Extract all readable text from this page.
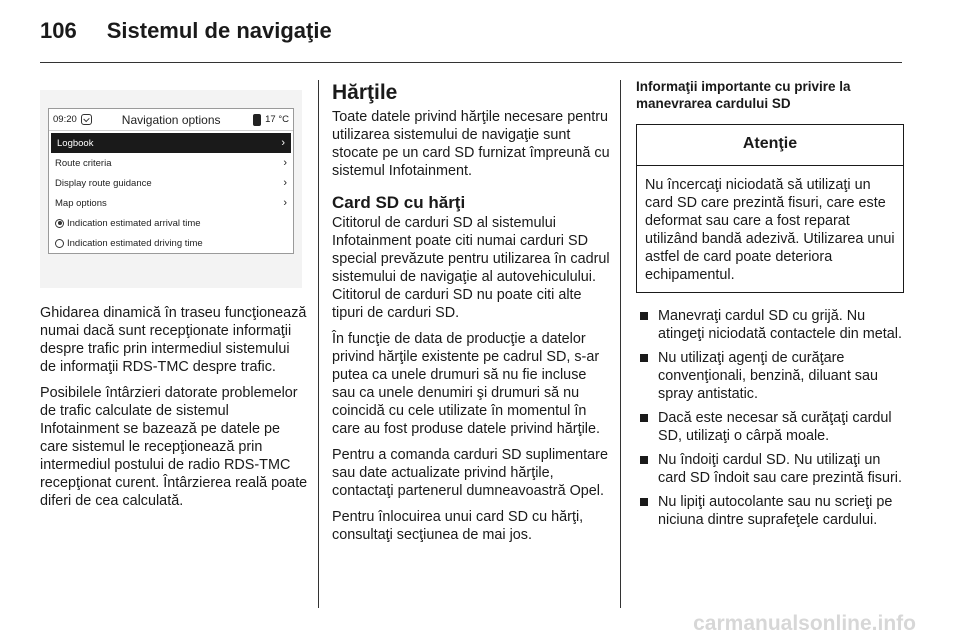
106 Sistemul de navigaţie
09:20	Navigation options	17 °C
Logbook	›
Route criteria	›
Display route guidance	›
Map options	›
Indication estimated arrival time
Indication estimated driving time

Ghidarea dinamică în traseu funcţionează numai dacă sunt recepţionate informaţii despre trafic prin intermediul sistemului de informaţii RDS-TMC despre trafic.

Posibilele întârzieri datorate problemelor de trafic calculate de sistemul Infotainment se bazează pe datele pe care sistemul le recepţionează prin intermediul postului de radio RDS-TMC recepţionat curent. Întârzierea reală poate diferi de cea calculată.

Hărţile

Toate datele privind hărţile necesare pentru utilizarea sistemului de navigaţie sunt stocate pe un card SD furnizat împreună cu sistemul Infotainment.

Card SD cu hărţi

Cititorul de carduri SD al sistemului Infotainment poate citi numai carduri SD special prevăzute pentru utilizarea în cadrul sistemului de navigaţie al autovehiculului. Cititorul de carduri SD nu poate citi alte tipuri de carduri SD.

În funcţie de data de producţie a datelor privind hărţile existente pe cadrul SD, s-ar putea ca unele drumuri să nu fie incluse sau ca unele denumiri şi drumuri să nu coincidă cu cele utilizate în momentul în care au fost produse datele privind hărţile.

Pentru a comanda carduri SD suplimentare sau date actualizate privind hărţile, contactaţi partenerul dumneavoastră Opel.

Pentru înlocuirea unui card SD cu hărţi, consultaţi secţiunea de mai jos.

Informaţii importante cu privire la manevrarea cardului SD
Atenţie
Nu încercaţi niciodată să utilizaţi un card SD care prezintă fisuri, care este deformat sau care a fost reparat utilizând bandă adezivă. Utilizarea unui astfel de card poate deteriora echipamentul.
Manevraţi cardul SD cu grijă. Nu atingeţi niciodată contactele din metal.
Nu utilizaţi agenţi de curăţare convenţionali, benzină, diluant sau spray antistatic.
Dacă este necesar să curăţaţi cardul SD, utilizaţi o cârpă moale.
Nu îndoiţi cardul SD. Nu utilizaţi un card SD îndoit sau care prezintă fisuri.
Nu lipiţi autocolante sau nu scrieţi pe niciuna dintre suprafeţele cardului.
carmanualsonline.info
